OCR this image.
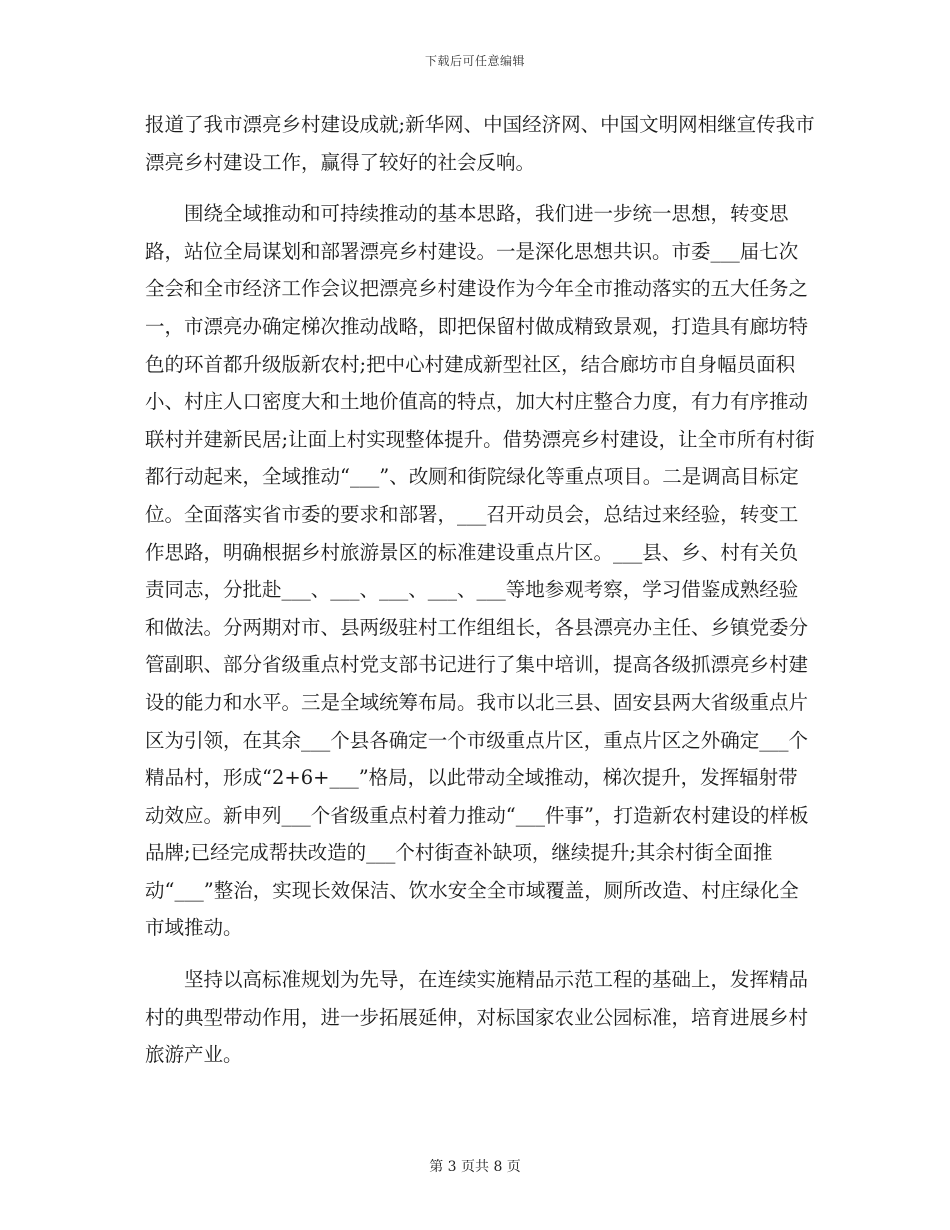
下载后可任意编辑

报道了我市漂亮乡村建设成就;新华网、中国经济网、中国文明网相继宣传我市漂亮乡村建设工作，赢得了较好的社会反响。

围绕全域推动和可持续推动的基本思路，我们进一步统一思想，转变思路，站位全局谋划和部署漂亮乡村建设。一是深化思想共识。市委___届七次全会和全市经济工作会议把漂亮乡村建设作为今年全市推动落实的五大任务之一，市漂亮办确定梯次推动战略，即把保留村做成精致景观，打造具有廊坊特色的环首都升级版新农村;把中心村建成新型社区，结合廊坊市自身幅员面积小、村庄人口密度大和土地价值高的特点，加大村庄整合力度，有力有序推动联村并建新民居;让面上村实现整体提升。借势漂亮乡村建设，让全市所有村街都行动起来，全域推动“___”、改厕和街院绿化等重点项目。二是调高目标定位。全面落实省市委的要求和部署，___召开动员会，总结过来经验，转变工作思路，明确根据乡村旅游景区的标准建设重点片区。___县、乡、村有关负责同志，分批赴___、___、___、___、___等地参观考察，学习借鉴成熟经验和做法。分两期对市、县两级驻村工作组组长，各县漂亮办主任、乡镇党委分管副职、部分省级重点村党支部书记进行了集中培训，提高各级抓漂亮乡村建设的能力和水平。三是全域统筹布局。我市以北三县、固安县两大省级重点片区为引领，在其余___个县各确定一个市级重点片区，重点片区之外确定___个精品村，形成“2+6+___”格局，以此带动全域推动，梯次提升，发挥辐射带动效应。新申列___个省级重点村着力推动“___件事”，打造新农村建设的样板品牌;已经完成帮扶改造的___个村街查补缺项，继续提升;其余村街全面推动“___”整治，实现长效保洁、饮水安全全市域覆盖，厕所改造、村庄绿化全市域推动。

坚持以高标准规划为先导，在连续实施精品示范工程的基础上，发挥精品村的典型带动作用，进一步拓展延伸，对标国家农业公园标准，培育进展乡村旅游产业。

第 3 页共 8 页
